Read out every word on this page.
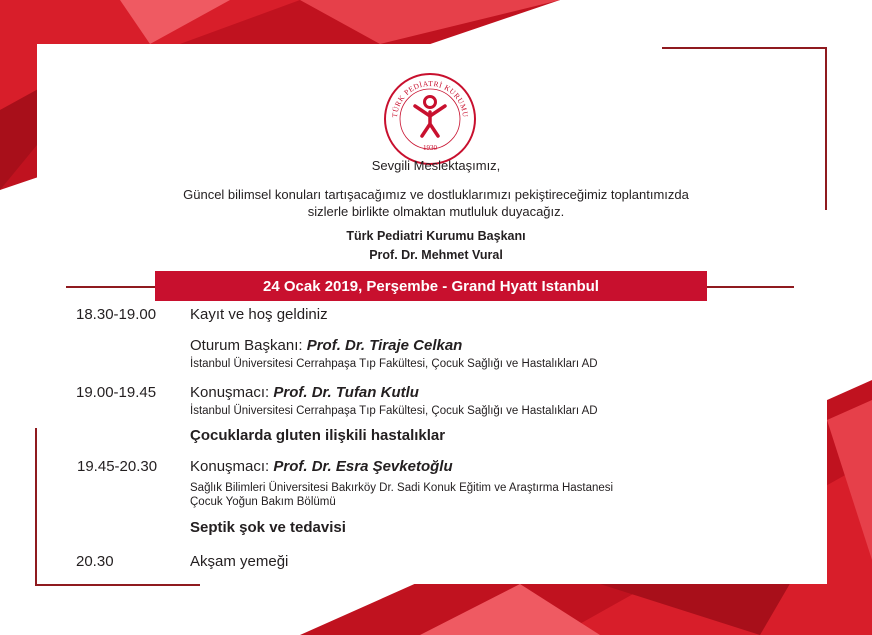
TÜRK PEDİATRİ KURUMU
1930
Sevgili Meslektaşımız,
Güncel bilimsel konuları tartışacağımız ve dostluklarımızı pekiştireceğimiz toplantımızda
sizlerle birlikte olmaktan mutluluk duyacağız.
Türk Pediatri Kurumu Başkanı
Prof. Dr. Mehmet Vural
24 Ocak 2019, Perşembe - Grand Hyatt Istanbul
18.30-19.00 Kayıt ve hoş geldiniz
Oturum Başkanı: Prof. Dr. Tiraje Celkan
İstanbul Üniversitesi Cerrahpaşa Tıp Fakültesi, Çocuk Sağlığı ve Hastalıkları AD
19.00-19.45 Konuşmacı: Prof. Dr. Tufan Kutlu
İstanbul Üniversitesi Cerrahpaşa Tıp Fakültesi, Çocuk Sağlığı ve Hastalıkları AD
Çocuklarda gluten ilişkili hastalıklar
19.45-20.30 Konuşmacı: Prof. Dr. Esra Şevketoğlu
Sağlık Bilimleri Üniversitesi Bakırköy Dr. Sadi Konuk Eğitim ve Araştırma Hastanesi
Çocuk Yoğun Bakım Bölümü
Septik şok ve tedavisi
20.30	Akşam yemeği
